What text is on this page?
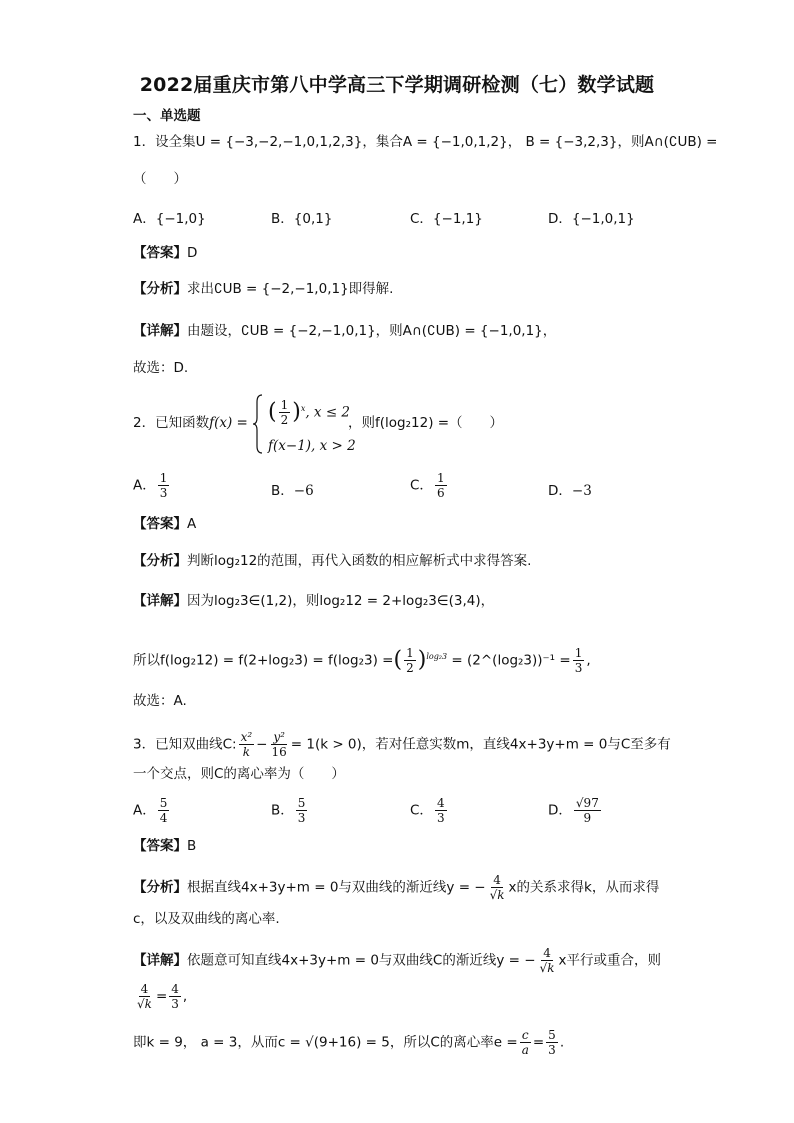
2022届重庆市第八中学高三下学期调研检测（七）数学试题
一、单选题
1．设全集U = {−3,−2,−1,0,1,2,3}，集合A = {−1,0,1,2}， B = {−3,2,3}，则A∩(∁UB) =
（　　）
A．{−1,0}	B．{0,1}	C．{−1,1}	D．{−1,0,1}
【答案】D
【分析】求出∁UB = {−2,−1,0,1}即得解.
【详解】由题设，∁UB = {−2,−1,0,1}，则A∩(∁UB) = {−1,0,1}，
故选：D.
2．已知函数f(x) = ( $\frac{1}{2} )^x$, x ≤ 2
f(x−1), x > 2
，则f(log₂12) =（　　）
A． $\frac{1}{3}$	B．−6	C． $\frac{1}{6}$	D．−3
【答案】A
【分析】判断log₂12的范围，再代入函数的相应解析式中求得答案.
【详解】因为log₂3∈(1,2)，则log₂12 = 2+log₂3∈(3,4)，
所以f(log₂12) = f(2+log₂3) = f(log₂3) =( $\frac{1}{2} )^{log_23}$ = (2^(log₂3))⁻¹ = $\frac{1}{3}$ ,
故选：A.
3．已知双曲线C: $\frac{\text{x²}}{k} - \frac{\text{y²}}{16} = 1(k > 0)$，若对任意实数m，直线4x+3y+m = 0与C至多有
一个交点，则C的离心率为（　　）
A． $\frac{5}{4}$	B． $\frac{5}{3}$	C． $\frac{4}{3}$	D． $\frac{√97}{9}$
【答案】B
【分析】根据直线4x+3y+m = 0与双曲线的渐近线y = − $\frac{4}{√k}$ x的关系求得k，从而求得
c，以及双曲线的离心率.
【详解】依题意可知直线4x+3y+m = 0与双曲线C的渐近线y = − $\frac{4}{√k}$ x平行或重合，则
$\frac{4}{√k} = \frac{4}{3}$ ,
即k = 9， a = 3，从而c = √(9+16) = 5，所以C的离心率$e = \frac{c}{a} = \frac{5}{3}$ .
